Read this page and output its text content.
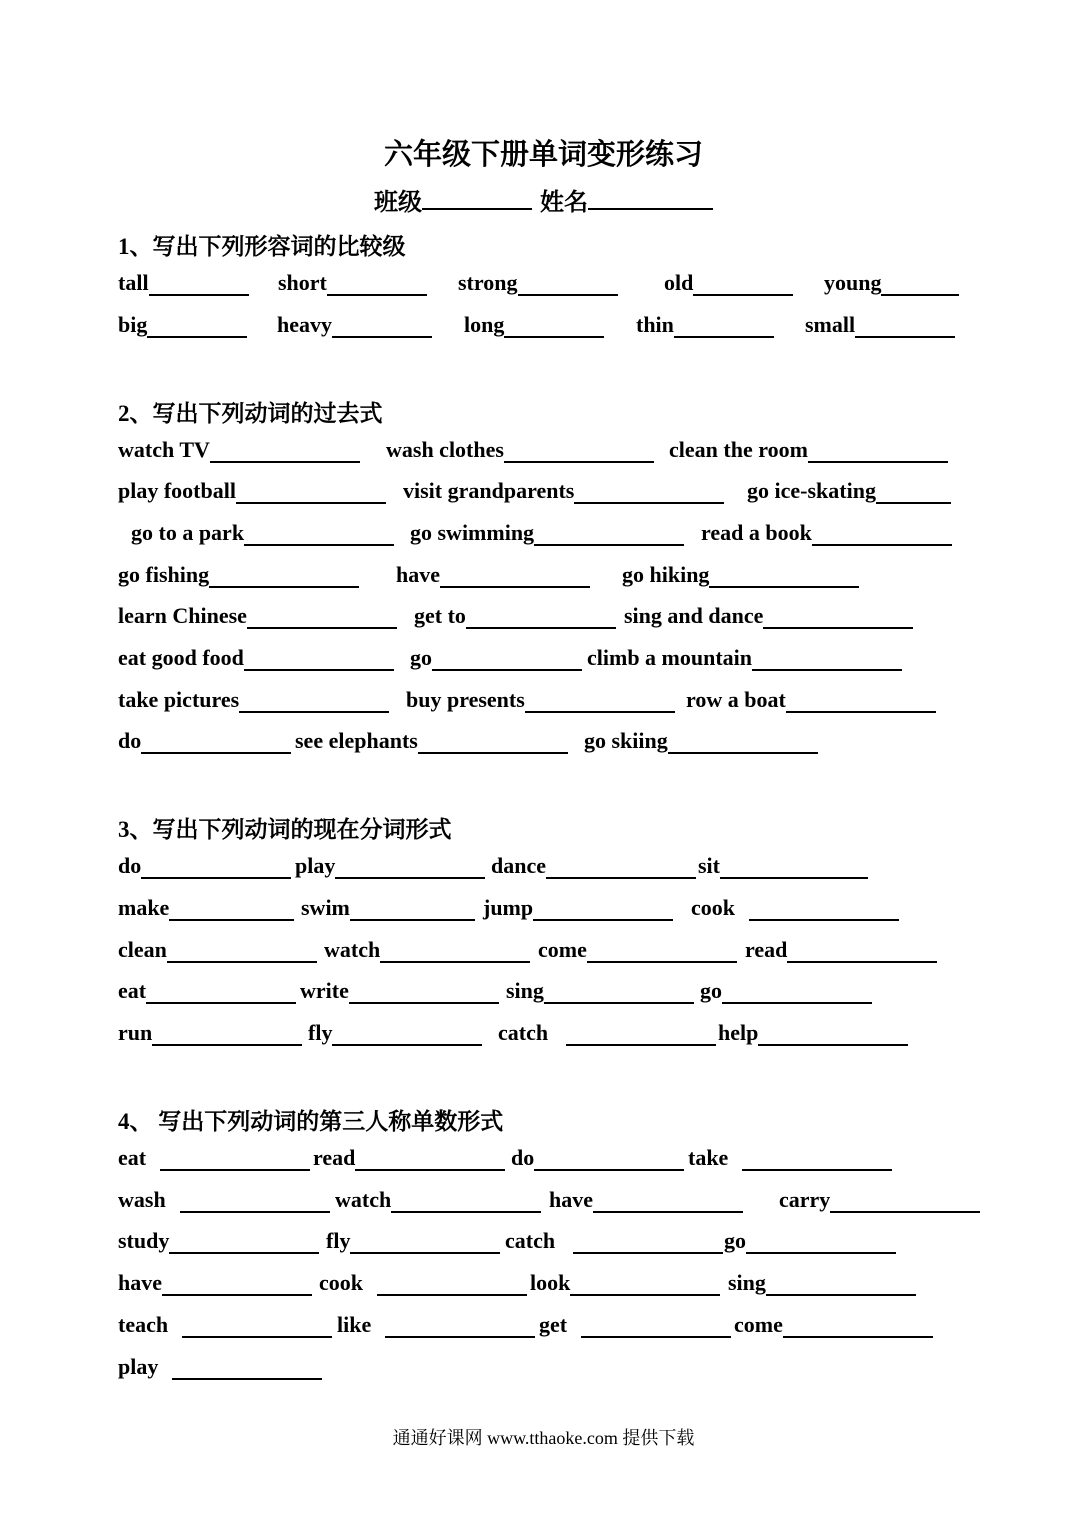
六年级下册单词变形练习
班级	姓名
1、写出下列形容词的比较级
tall	short	strong	old	young
big	heavy	long	thin	small
2、写出下列动词的过去式
watch TV	wash clothes	clean the room
play football	visit grandparents	go ice-skating
go to a park	go swimming	read a book
go fishing	have	go hiking
learn Chinese	get to	sing and dance
eat good food	go	climb a mountain
take pictures	buy presents	row a boat
do	see elephants	go skiing
3、写出下列动词的现在分词形式
do	play	dance	sit
make	swim	jump	cook
clean	watch	come	read
eat	write	sing	go
run	fly	catch	help
4、 写出下列动词的第三人称单数形式
eat	read	do	take
wash	watch	have	carry
study	fly	catch	go
have	cook	look	sing
teach	like	get	come
play
通通好课网 www.tthaoke.com 提供下载
